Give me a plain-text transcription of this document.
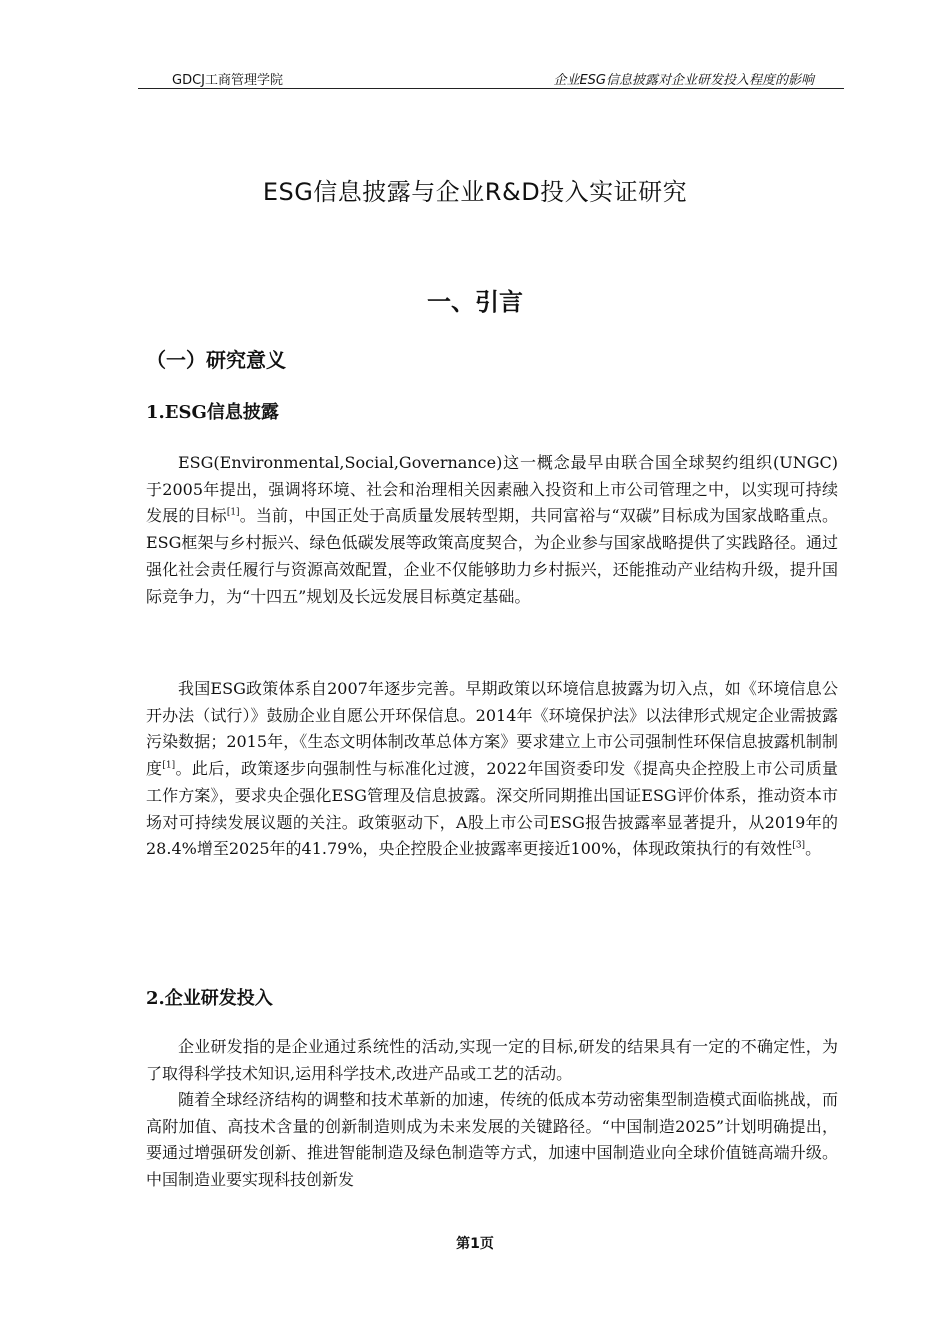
GDCJ工商管理学院	企业ESG信息披露对企业研发投入程度的影响
ESG信息披露与企业R&D投入实证研究
一、引言
（一）研究意义
1.ESG信息披露

ESG(Environmental,Social,Governance)这一概念最早由联合国全球契约组织(UNGC)于2005年提出，强调将环境、社会和治理相关因素融入投资和上市公司管理之中，以实现可持续发展的目标[1]。当前，中国正处于高质量发展转型期，共同富裕与“双碳”目标成为国家战略重点。ESG框架与乡村振兴、绿色低碳发展等政策高度契合，为企业参与国家战略提供了实践路径。通过强化社会责任履行与资源高效配置，企业不仅能够助力乡村振兴，还能推动产业结构升级，提升国际竞争力，为“十四五”规划及长远发展目标奠定基础。

我国ESG政策体系自2007年逐步完善。早期政策以环境信息披露为切入点，如《环境信息公开办法（试行）》鼓励企业自愿公开环保信息。2014年《环境保护法》以法律形式规定企业需披露污染数据；2015年，《生态文明体制改革总体方案》要求建立上市公司强制性环保信息披露机制制度[1]。此后，政策逐步向强制性与标准化过渡，2022年国资委印发《提高央企控股上市公司质量工作方案》，要求央企强化ESG管理及信息披露。深交所同期推出国证ESG评价体系，推动资本市场对可持续发展议题的关注。政策驱动下，A股上市公司ESG报告披露率显著提升，从2019年的28.4%增至2025年的41.79%，央企控股企业披露率更接近100%，体现政策执行的有效性[3]。

2.企业研发投入

企业研发指的是企业通过系统性的活动,实现一定的目标,研发的结果具有一定的不确定性，为了取得科学技术知识,运用科学技术,改进产品或工艺的活动。

随着全球经济结构的调整和技术革新的加速，传统的低成本劳动密集型制造模式面临挑战，而高附加值、高技术含量的创新制造则成为未来发展的关键路径。“中国制造2025”计划明确提出，要通过增强研发创新、推进智能制造及绿色制造等方式，加速中国制造业向全球价值链高端升级。中国制造业要实现科技创新发

第1页
